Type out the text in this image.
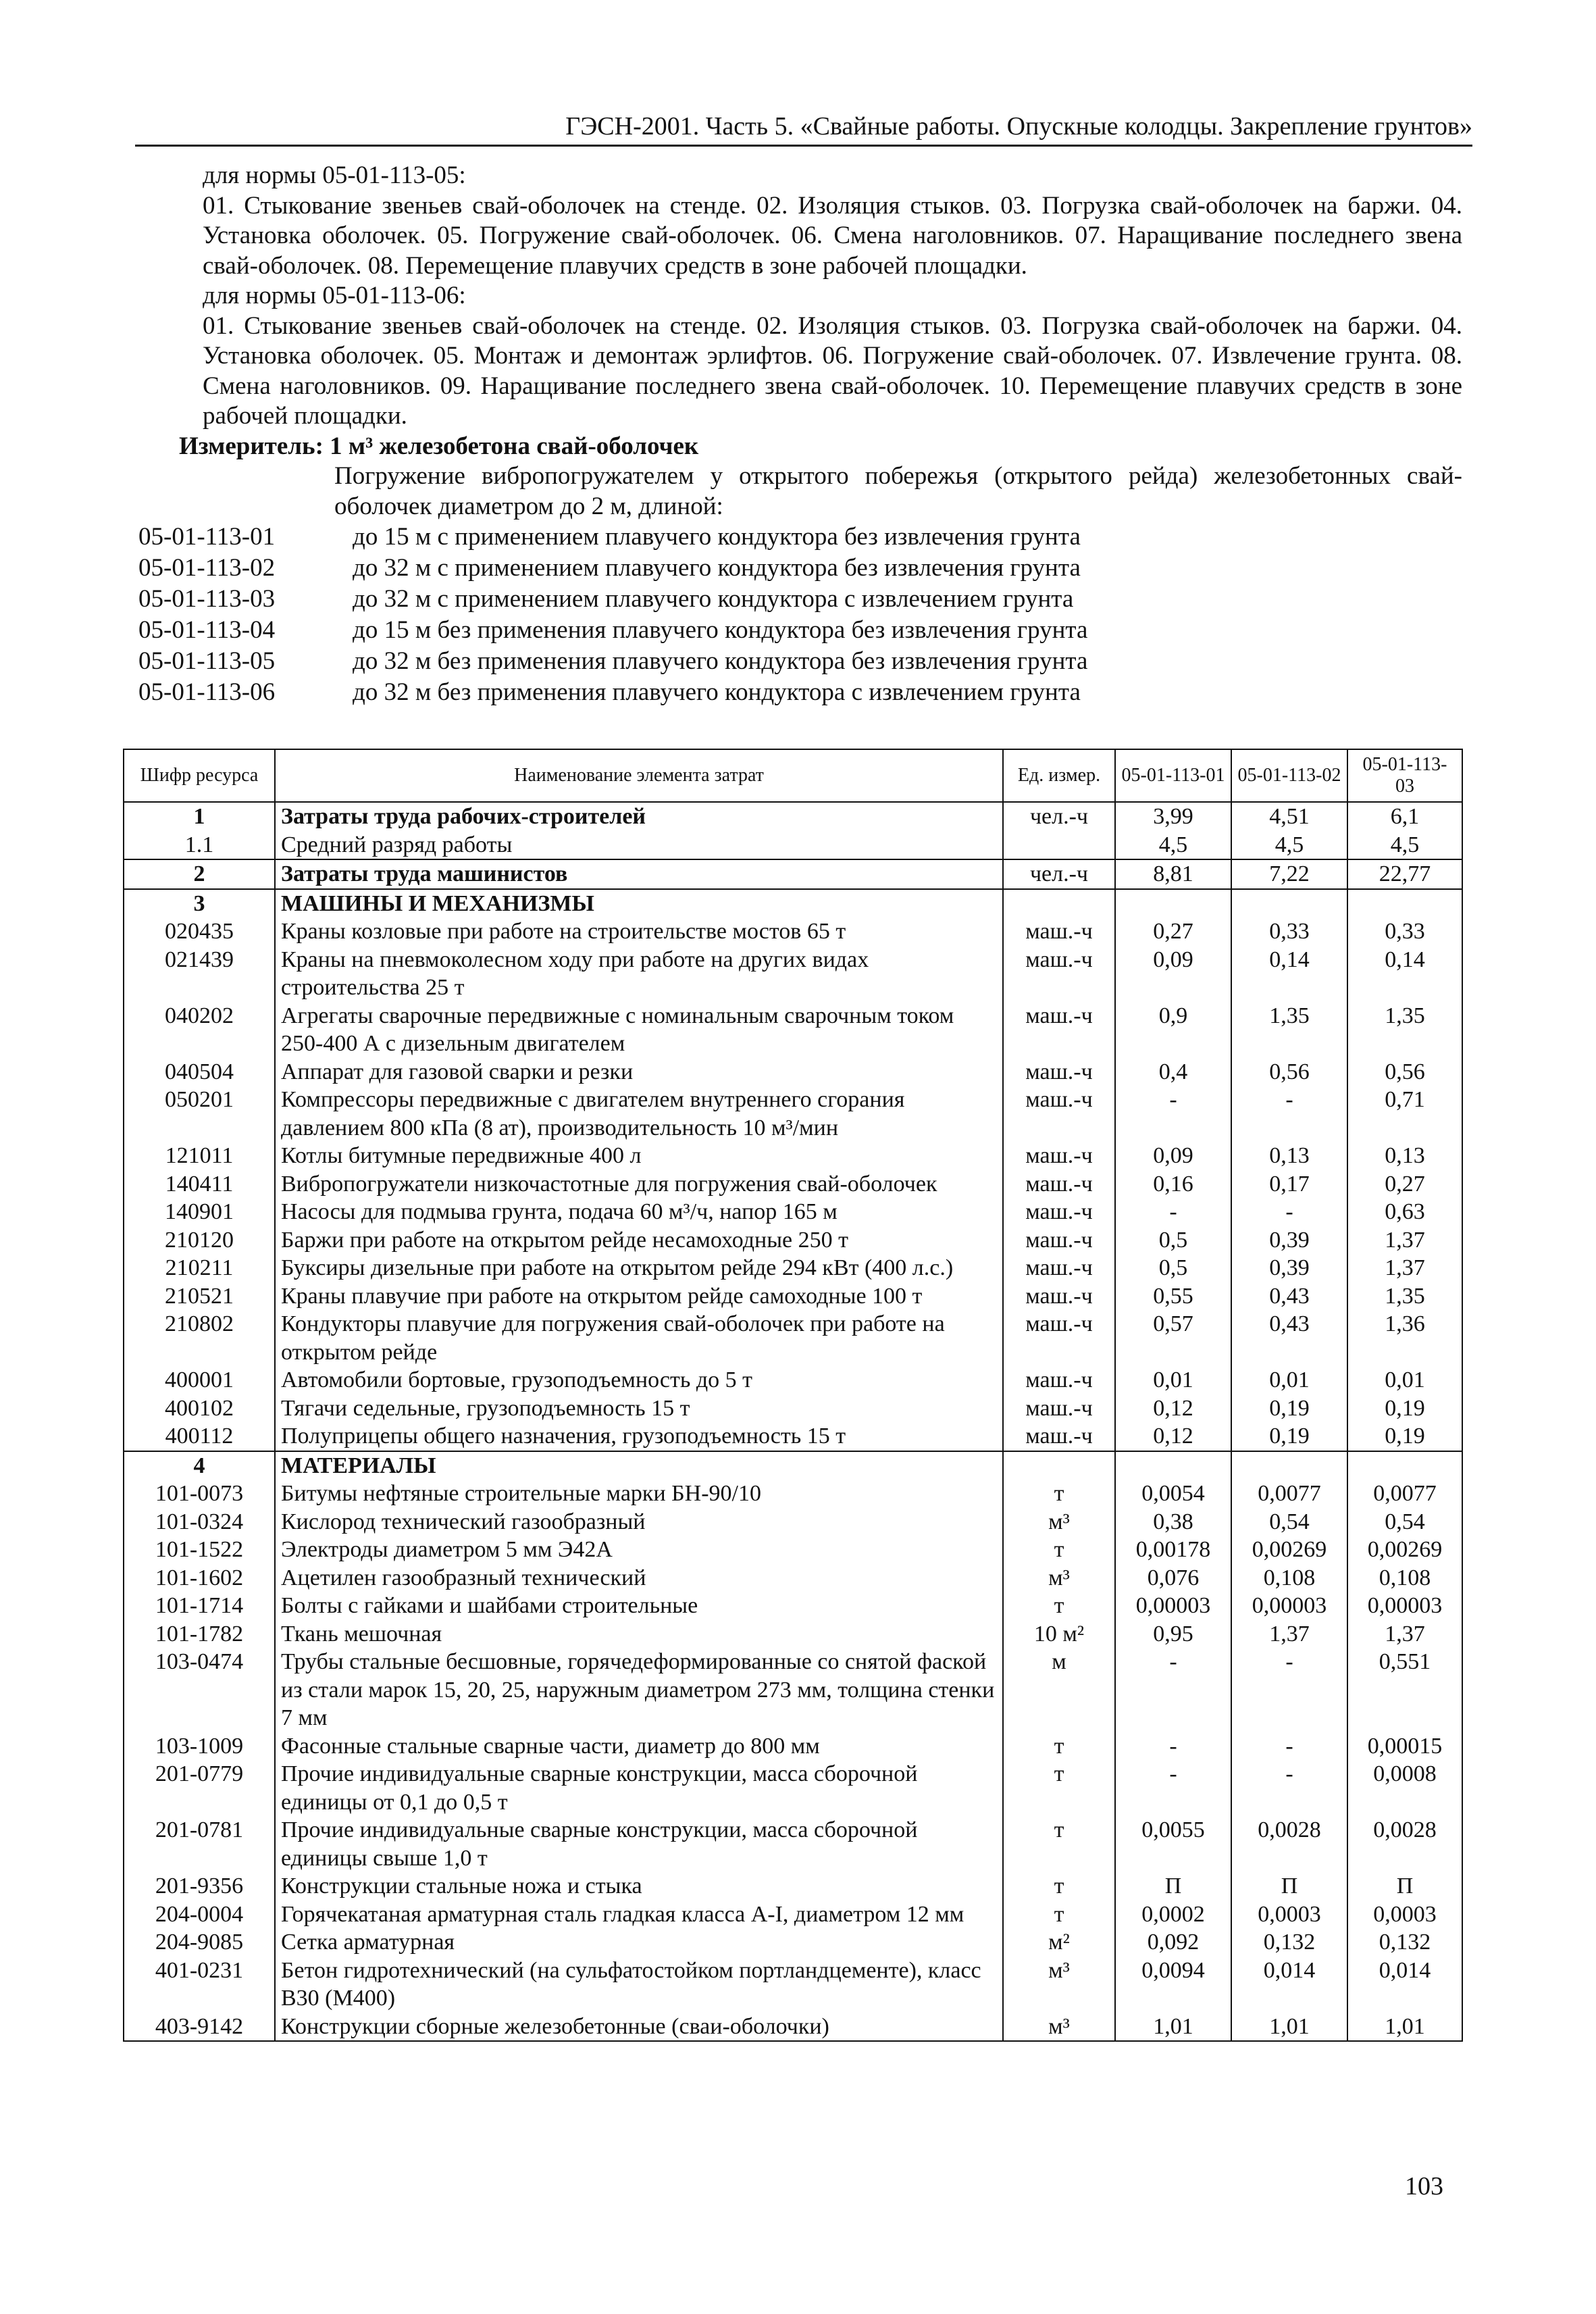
ГЭСН-2001. Часть 5. «Свайные работы. Опускные колодцы. Закрепление грунтов»

для нормы 05-01-113-05:

01. Стыкование звеньев свай-оболочек на стенде. 02. Изоляция стыков. 03. Погрузка свай-оболочек на баржи. 04. Установка оболочек. 05. Погружение свай-оболочек. 06. Смена наголовников. 07. Наращивание последнего звена свай-оболочек. 08. Перемещение плавучих средств в зоне рабочей площадки.

для нормы 05-01-113-06:

01. Стыкование звеньев свай-оболочек на стенде. 02. Изоляция стыков. 03. Погрузка свай-оболочек на баржи. 04. Установка оболочек. 05. Монтаж и демонтаж эрлифтов. 06. Погружение свай-оболочек. 07. Извлечение грунта. 08. Смена наголовников. 09. Наращивание последнего звена свай-оболочек. 10. Перемещение плавучих средств в зоне рабочей площадки.

Измеритель: 1 м³ железобетона свай-оболочек

Погружение вибропогружателем у открытого побережья (открытого рейда) железобетонных свай-оболочек диаметром до 2 м, длиной:

05-01-113-01	до 15 м с применением плавучего кондуктора без извлечения грунта
05-01-113-02	до 32 м с применением плавучего кондуктора без извлечения грунта
05-01-113-03	до 32 м с применением плавучего кондуктора с извлечением грунта
05-01-113-04	до 15 м без применения плавучего кондуктора без извлечения грунта
05-01-113-05	до 32 м без применения плавучего кондуктора без извлечения грунта
05-01-113-06	до 32 м без применения плавучего кондуктора с извлечением грунта
Шифр ресурса	Наименование элемента затрат	Ед. измер.	05-01-113-01	05-01-113-02	05-01-113-03
1	Затраты труда рабочих-строителей	чел.-ч	3,99	4,51	6,1
1.1	Средний разряд работы		4,5	4,5	4,5
2	Затраты труда машинистов	чел.-ч	8,81	7,22	22,77
3	МАШИНЫ И МЕХАНИЗМЫ				
020435	Краны козловые при работе на строительстве мостов 65 т	маш.-ч	0,27	0,33	0,33
021439	Краны на пневмоколесном ходу при работе на других видах строительства 25 т	маш.-ч	0,09	0,14	0,14
040202	Агрегаты сварочные передвижные с номинальным сварочным током 250-400 А с дизельным двигателем	маш.-ч	0,9	1,35	1,35
040504	Аппарат для газовой сварки и резки	маш.-ч	0,4	0,56	0,56
050201	Компрессоры передвижные с двигателем внутреннего сгорания давлением 800 кПа (8 ат), производительность 10 м³/мин	маш.-ч	-	-	0,71
121011	Котлы битумные передвижные 400 л	маш.-ч	0,09	0,13	0,13
140411	Вибропогружатели низкочастотные для погружения свай-оболочек	маш.-ч	0,16	0,17	0,27
140901	Насосы для подмыва грунта, подача 60 м³/ч, напор 165 м	маш.-ч	-	-	0,63
210120	Баржи при работе на открытом рейде несамоходные 250 т	маш.-ч	0,5	0,39	1,37
210211	Буксиры дизельные при работе на открытом рейде 294 кВт (400 л.с.)	маш.-ч	0,5	0,39	1,37
210521	Краны плавучие при работе на открытом рейде самоходные 100 т	маш.-ч	0,55	0,43	1,35
210802	Кондукторы плавучие для погружения свай-оболочек при работе на открытом рейде	маш.-ч	0,57	0,43	1,36
400001	Автомобили бортовые, грузоподъемность до 5 т	маш.-ч	0,01	0,01	0,01
400102	Тягачи седельные, грузоподъемность 15 т	маш.-ч	0,12	0,19	0,19
400112	Полуприцепы общего назначения, грузоподъемность 15 т	маш.-ч	0,12	0,19	0,19
4	МАТЕРИАЛЫ				
101-0073	Битумы нефтяные строительные марки БН-90/10	т	0,0054	0,0077	0,0077
101-0324	Кислород технический газообразный	м³	0,38	0,54	0,54
101-1522	Электроды диаметром 5 мм Э42А	т	0,00178	0,00269	0,00269
101-1602	Ацетилен газообразный технический	м³	0,076	0,108	0,108
101-1714	Болты с гайками и шайбами строительные	т	0,00003	0,00003	0,00003
101-1782	Ткань мешочная	10 м²	0,95	1,37	1,37
103-0474	Трубы стальные бесшовные, горячедеформированные со снятой фаской из стали марок 15, 20, 25, наружным диаметром 273 мм, толщина стенки 7 мм	м	-	-	0,551
103-1009	Фасонные стальные сварные части, диаметр до 800 мм	т	-	-	0,00015
201-0779	Прочие индивидуальные сварные конструкции, масса сборочной единицы от 0,1 до 0,5 т	т	-	-	0,0008
201-0781	Прочие индивидуальные сварные конструкции, масса сборочной единицы свыше 1,0 т	т	0,0055	0,0028	0,0028
201-9356	Конструкции стальные ножа и стыка	т	П	П	П
204-0004	Горячекатаная арматурная сталь гладкая класса А-I, диаметром 12 мм	т	0,0002	0,0003	0,0003
204-9085	Сетка арматурная	м²	0,092	0,132	0,132
401-0231	Бетон гидротехнический (на сульфатостойком портландцементе), класс В30 (М400)	м³	0,0094	0,014	0,014
403-9142	Конструкции сборные железобетонные (сваи-оболочки)	м³	1,01	1,01	1,01
103
